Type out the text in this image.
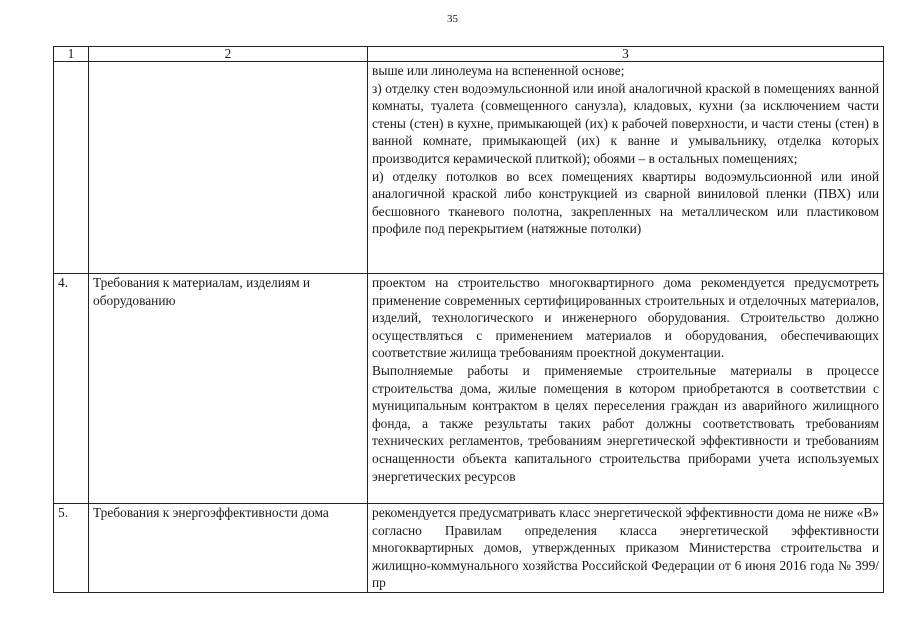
35
1	2	3

		выше или линолеума на вспененной основе;

з) отделку стен водоэмульсионной или иной аналогичной краской в помещениях ванной комнаты, туалета (совмещенного санузла), кладовых, кухни (за исключением части стены (стен) в кухне, примыкающей (их) к рабочей поверхности, и части стены (стен) в ванной комнате, примыкающей (их) к ванне и умывальнику, отделка которых производится керамической плиткой); обоями – в остальных помещениях;

и) отделку потолков во всех помещениях квартиры водоэмульсионной или иной аналогичной краской либо конструкцией из сварной виниловой пленки (ПВХ) или бесшовного тканевого полотна, закрепленных на металлическом или пластиковом профиле под перекрытием (натяжные потолки)

4.	Требования к материалам, изделиям и оборудованию	проектом на строительство многоквартирного дома рекомендуется предусмотреть применение современных сертифицированных строительных и отделочных материалов, изделий, технологического и инженерного оборудования. Строительство должно осуществляться с применением материалов и оборудования, обеспечивающих соответствие жилища требованиям проектной документации.

Выполняемые работы и применяемые строительные материалы в процессе строительства дома, жилые помещения в котором приобретаются в соответствии с муниципальным контрактом в целях переселения граждан из аварийного жилищного фонда, а также результаты таких работ должны соответствовать требованиям технических регламентов, требованиям энергетической эффективности и требованиям оснащенности объекта капитального строительства приборами учета используемых энергетических ресурсов

5.	Требования к энергоэффективности дома	рекомендуется предусматривать класс энергетической эффективности дома не ниже «В» согласно Правилам определения класса энергетической эффективности многоквартирных домов, утвержденных приказом Министерства строительства и жилищно-коммунального хозяйства Российской Федерации от 6 июня 2016 года № 399/пр
